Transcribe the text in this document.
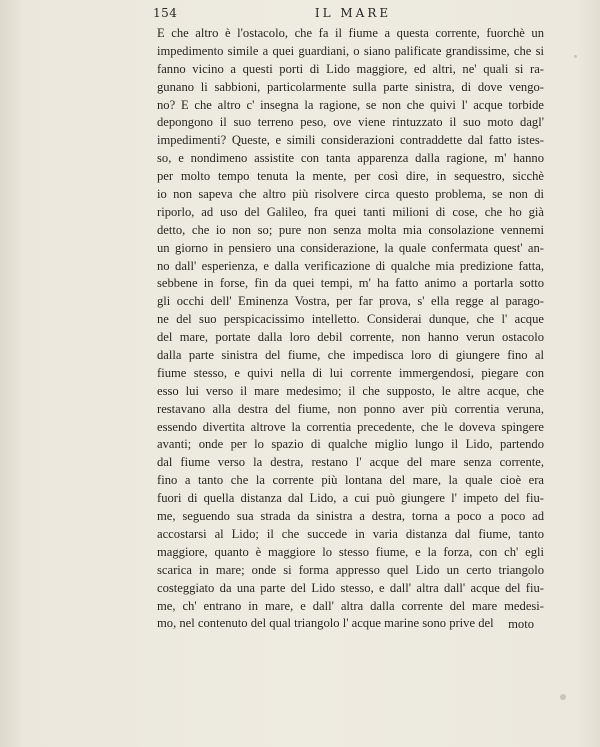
154	IL MARE
E che altro è l'ostacolo, che fa il fiume a questa corrente, fuorchè un
impedimento simile a quei guardiani, o siano palificate grandissime, che si
fanno vicino a questi porti di Lido maggiore, ed altri, ne' quali si ra-
gunano li sabbioni, particolarmente sulla parte sinistra, di dove vengo-
no? E che altro c' insegna la ragione, se non che quivi l' acque torbide
depongono il suo terreno peso, ove viene rintuzzato il suo moto dagl'
impedimenti? Queste, e simili considerazioni contraddette dal fatto istes-
so, e nondimeno assistite con tanta apparenza dalla ragione, m' hanno
per molto tempo tenuta la mente, per così dire, in sequestro, sicchè
io non sapeva che altro più risolvere circa questo problema, se non di
riporlo, ad uso del Galileo, fra quei tanti milioni di cose, che ho già
detto, che io non so; pure non senza molta mia consolazione vennemi
un giorno in pensiero una considerazione, la quale confermata quest' an-
no dall' esperienza, e dalla verificazione di qualche mia predizione fatta,
sebbene in forse, fin da quei tempi, m' ha fatto animo a portarla sotto
gli occhi dell' Eminenza Vostra, per far prova, s' ella regge al parago-
ne del suo perspicacissimo intelletto. Considerai dunque, che l' acque
del mare, portate dalla loro debil corrente, non hanno verun ostacolo
dalla parte sinistra del fiume, che impedisca loro di giungere fino al
fiume stesso, e quivi nella di lui corrente immergendosi, piegare con
esso lui verso il mare medesimo; il che supposto, le altre acque, che
restavano alla destra del fiume, non ponno aver più correntia veruna,
essendo divertita altrove la correntia precedente, che le doveva spingere
avanti; onde per lo spazio di qualche miglio lungo il Lido, partendo
dal fiume verso la destra, restano l' acque del mare senza corrente,
fino a tanto che la corrente più lontana del mare, la quale cioè era
fuori di quella distanza dal Lido, a cui può giungere l' impeto del fiu-
me, seguendo sua strada da sinistra a destra, torna a poco a poco ad
accostarsi al Lido; il che succede in varia distanza dal fiume, tanto
maggiore, quanto è maggiore lo stesso fiume, e la forza, con ch' egli
scarica in mare; onde si forma appresso quel Lido un certo triangolo
costeggiato da una parte del Lido stesso, e dall' altra dall' acque del fiu-
me, ch' entrano in mare, e dall' altra dalla corrente del mare medesi-
mo, nel contenuto del qual triangolo l' acque marine sono prive del	moto
